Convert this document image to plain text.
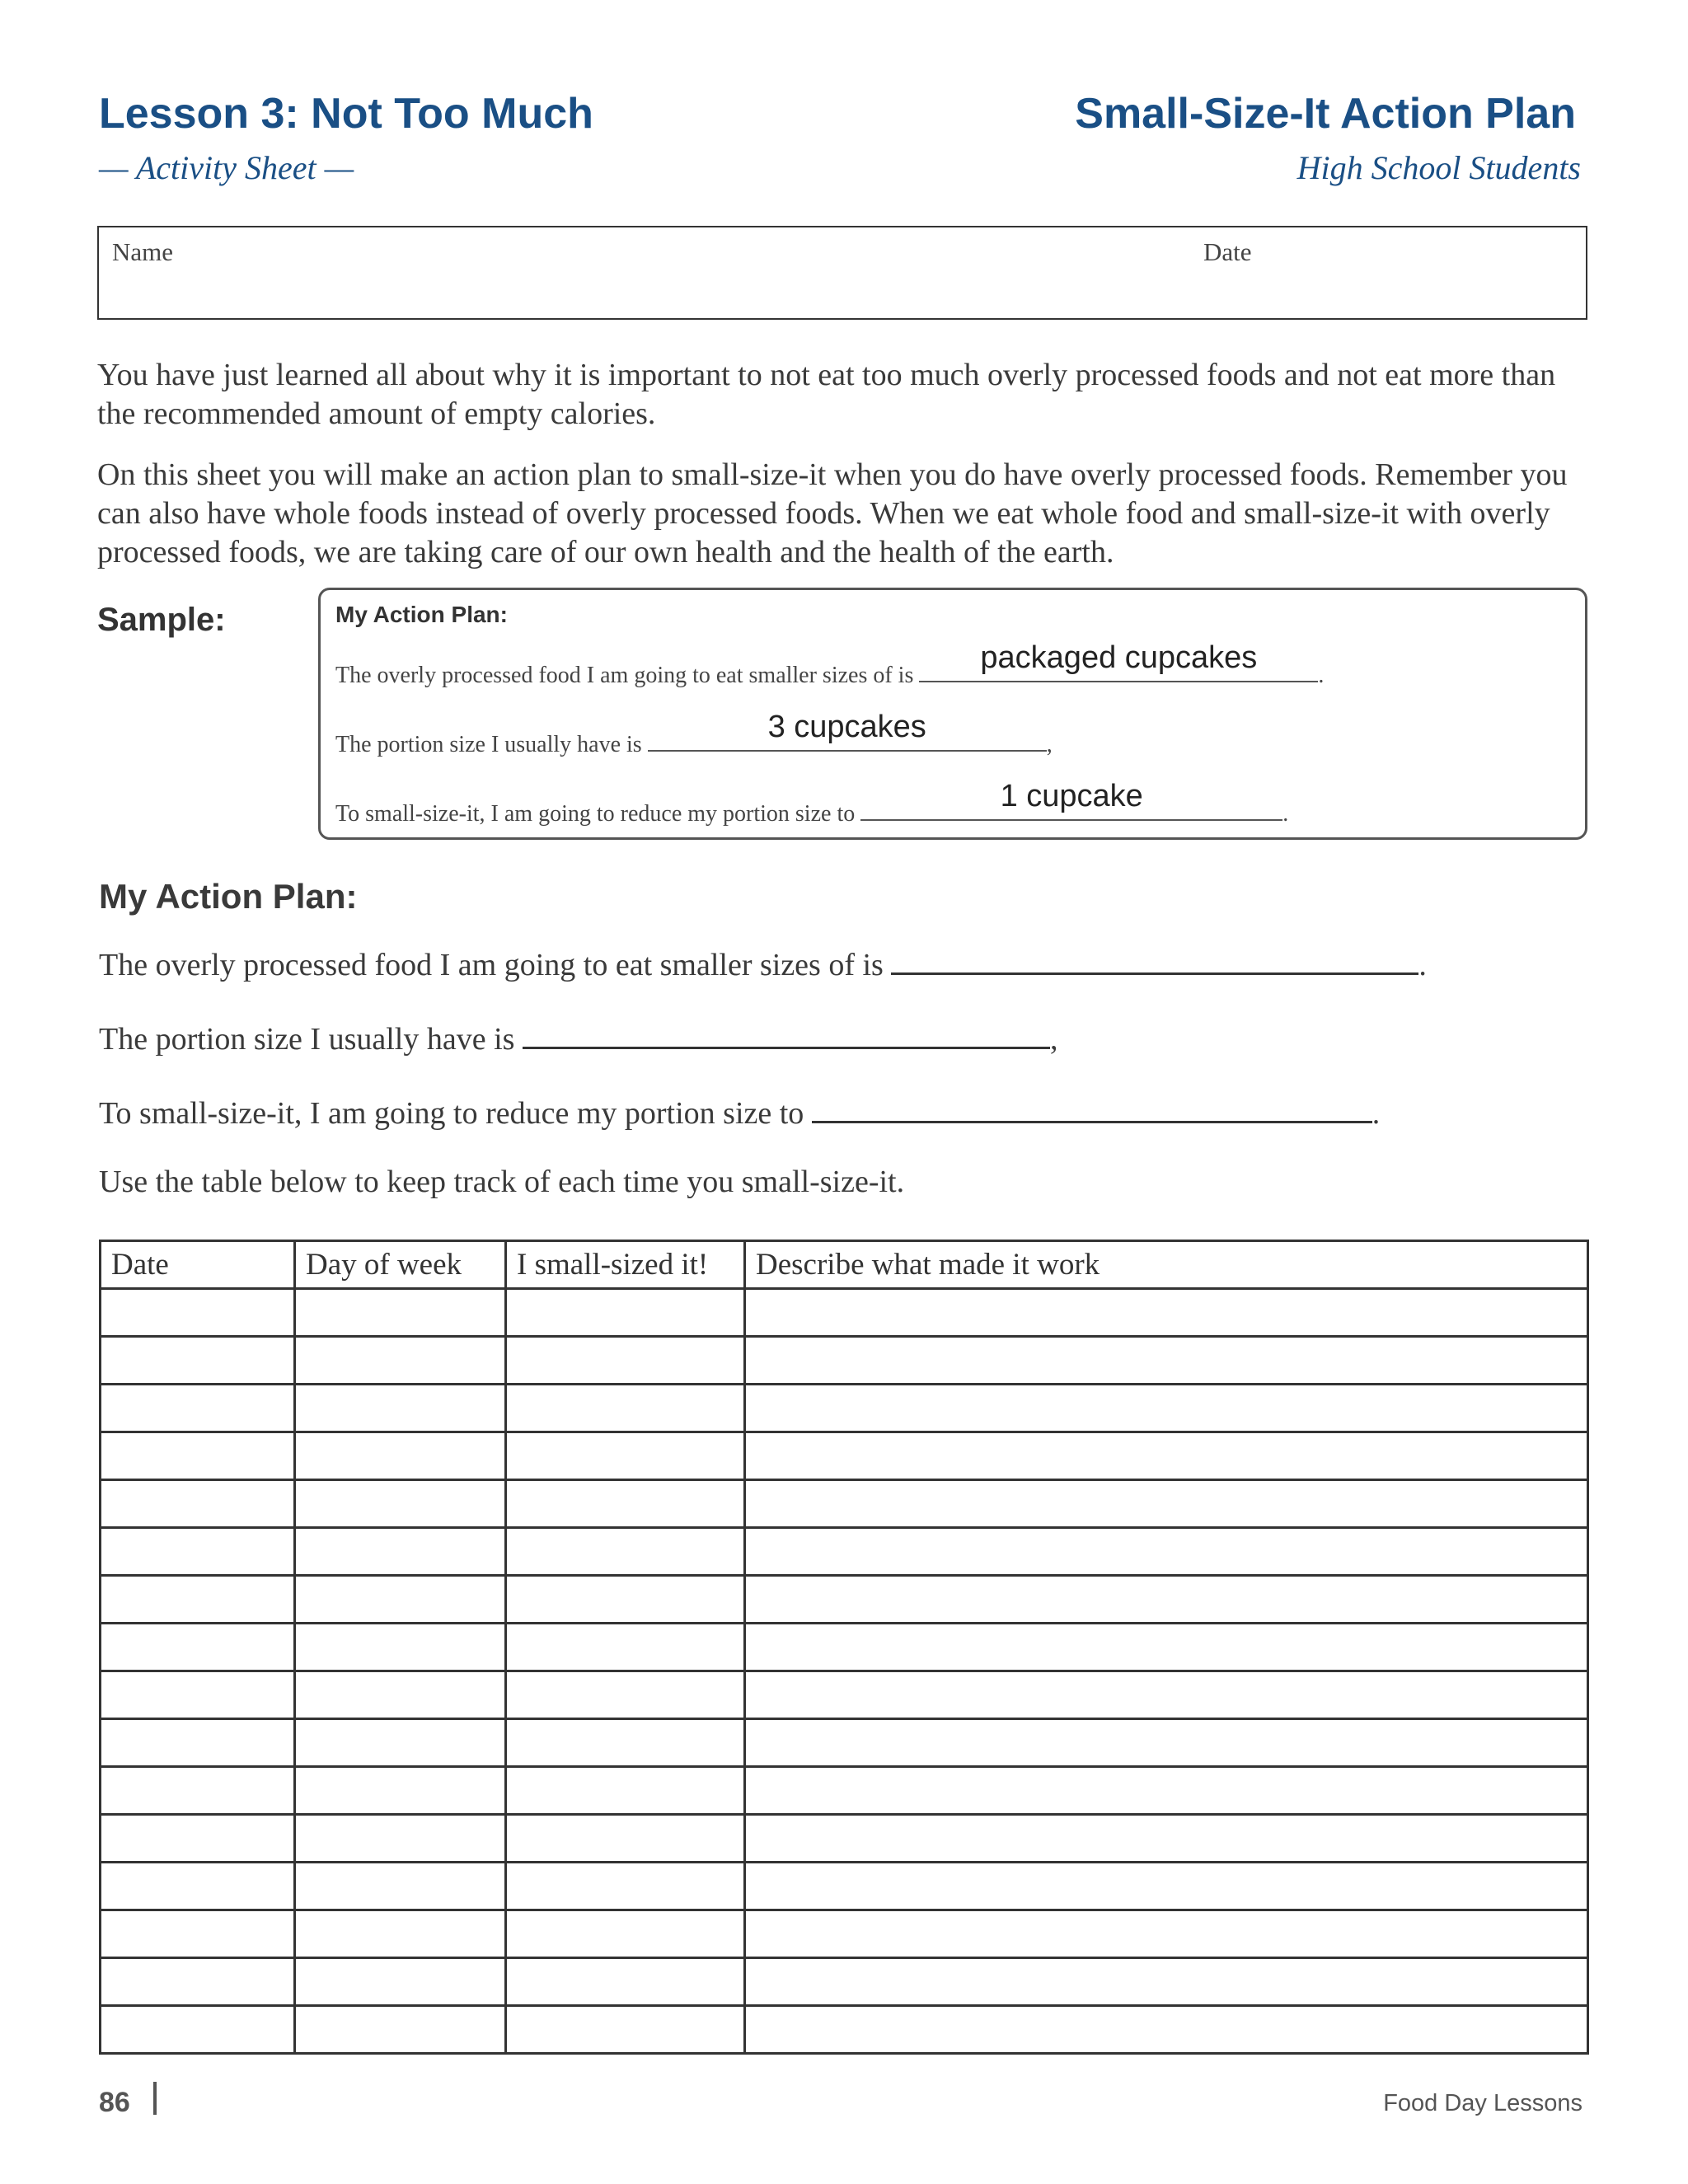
Lesson 3: Not Too Much
— Activity Sheet —
Small-Size-It Action Plan
High School Students
Name	Date
You have just learned all about why it is important to not eat too much overly processed foods and not eat more than the recommended amount of empty calories.
On this sheet you will make an action plan to small-size-it when you do have overly processed foods. Remember you can also have whole foods instead of overly processed foods. When we eat whole food and small-size-it with overly processed foods, we are taking care of our own health and the health of the earth.
Sample:	My Action Plan:
The overly processed food I am going to eat smaller sizes of is
packaged cupcakes
.
The portion size I usually have is
3 cupcakes
,
To small-size-it, I am going to reduce my portion size to
1 cupcake
.
My Action Plan:
The overly processed food I am going to eat smaller sizes of is	.
The portion size I usually have is	,
To small-size-it, I am going to reduce my portion size to	.
Use the table below to keep track of each time you small-size-it.
Date	Day of week	I small-sized it!	Describe what made it work

86	Food Day Lessons
